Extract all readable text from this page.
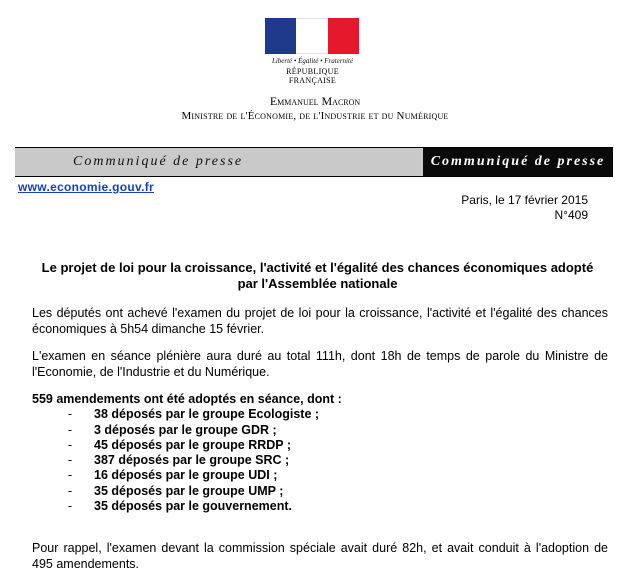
Liberté • Égalité • Fraternité
RÉPUBLIQUE FRANÇAISE
Emmanuel Macron
Ministre de l'Économie, de l'Industrie et du Numérique
Communiqué de presse	Communiqué de presse
www.economie.gouv.fr
Paris, le 17 février 2015
N°409
Le projet de loi pour la croissance, l'activité et l'égalité des chances économiques adopté par l'Assemblée nationale
Les députés ont achevé l'examen du projet de loi pour la croissance, l'activité et l'égalité des chances économiques à 5h54 dimanche 15 février.
L'examen en séance plénière aura duré au total 111h, dont 18h de temps de parole du Ministre de l'Economie, de l'Industrie et du Numérique.
559 amendements ont été adoptés en séance, dont :
-	38 déposés par le groupe Ecologiste ;
-	3 déposés par le groupe GDR ;
-	45 déposés par le groupe RRDP ;
-	387 déposés par le groupe SRC ;
-	16 déposés par le groupe UDI ;
-	35 déposés par le groupe UMP ;
-	35 déposés par le gouvernement.
Pour rappel, l'examen devant la commission spéciale avait duré 82h, et avait conduit à l'adoption de 495 amendements.
